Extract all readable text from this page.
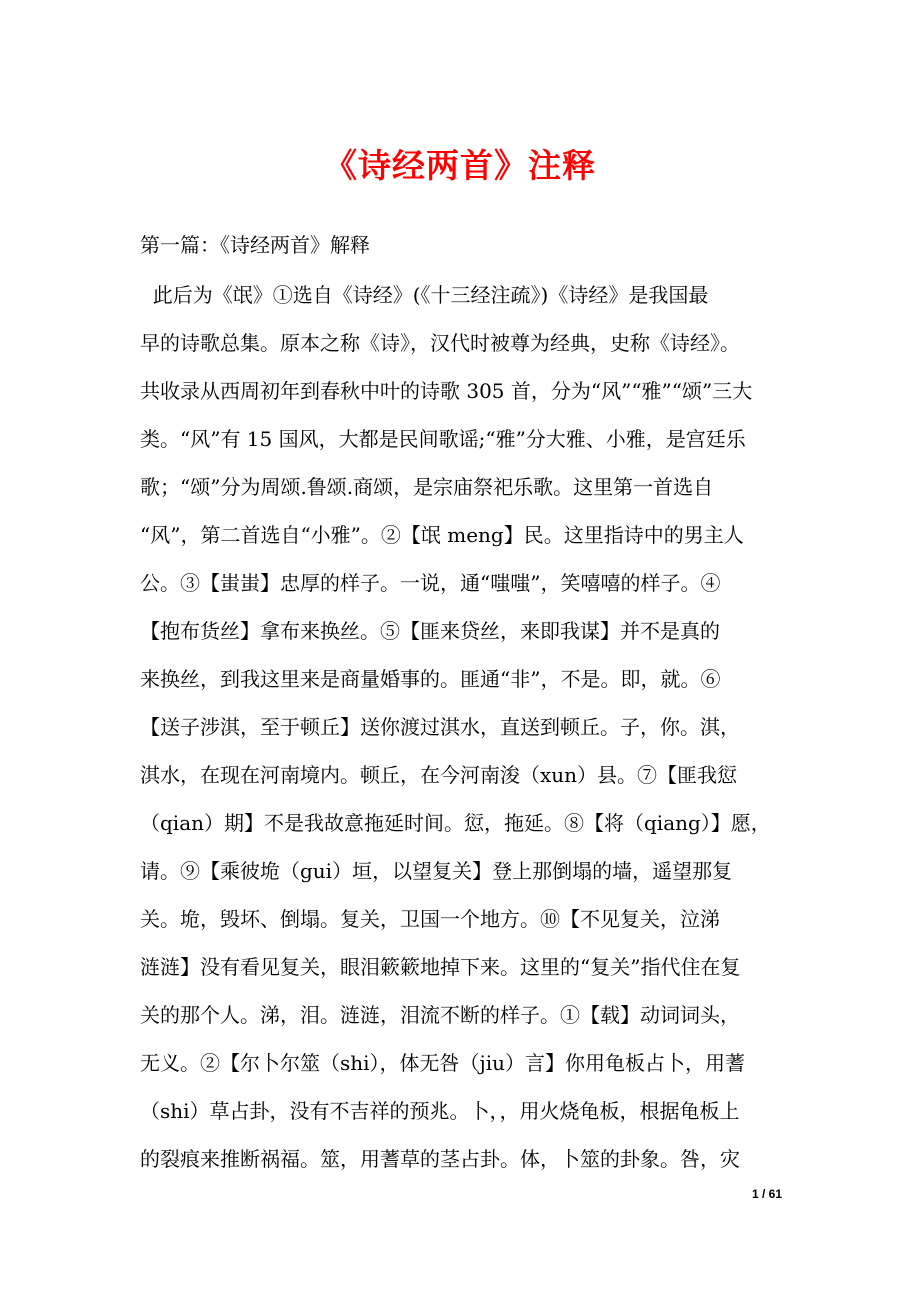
《诗经两首》注释
第一篇：《诗经两首》解释
此后为《氓》①选自《诗经》(《十三经注疏》)《诗经》是我国最
早的诗歌总集。原本之称《诗》，汉代时被尊为经典，史称《诗经》。
共收录从西周初年到春秋中叶的诗歌 305 首，分为“风”“雅”“颂”三大
类。“风”有 15 国风，大都是民间歌谣;“雅”分大雅、小雅，是宫廷乐
歌；“颂”分为周颂.鲁颂.商颂，是宗庙祭祀乐歌。这里第一首选自
“风”，第二首选自“小雅”。②【氓 meng】民。这里指诗中的男主人
公。③【蚩蚩】忠厚的样子。一说，通“嗤嗤”，笑嘻嘻的样子。④
【抱布货丝】拿布来换丝。⑤【匪来贷丝，来即我谋】并不是真的
来换丝，到我这里来是商量婚事的。匪通“非”，不是。即，就。⑥
【送子涉淇，至于顿丘】送你渡过淇水，直送到顿丘。子，你。淇，
淇水，在现在河南境内。顿丘，在今河南浚（xun）县。⑦【匪我愆
（qian）期】不是我故意拖延时间。愆，拖延。⑧【将（qiang）】愿，
请。⑨【乘彼垝（gui）垣，以望复关】登上那倒塌的墙，遥望那复
关。垝，毁坏、倒塌。复关，卫国一个地方。⑩【不见复关，泣涕
涟涟】没有看见复关，眼泪簌簌地掉下来。这里的“复关”指代住在复
关的那个人。涕，泪。涟涟，泪流不断的样子。①【载】动词词头，
无义。②【尔卜尔筮（shi），体无咎（jiu）言】你用龟板占卜，用蓍
（shi）草占卦，没有不吉祥的预兆。卜，，用火烧龟板，根据龟板上
的裂痕来推断祸福。筮，用蓍草的茎占卦。体，卜筮的卦象。咎，灾
1 / 61
